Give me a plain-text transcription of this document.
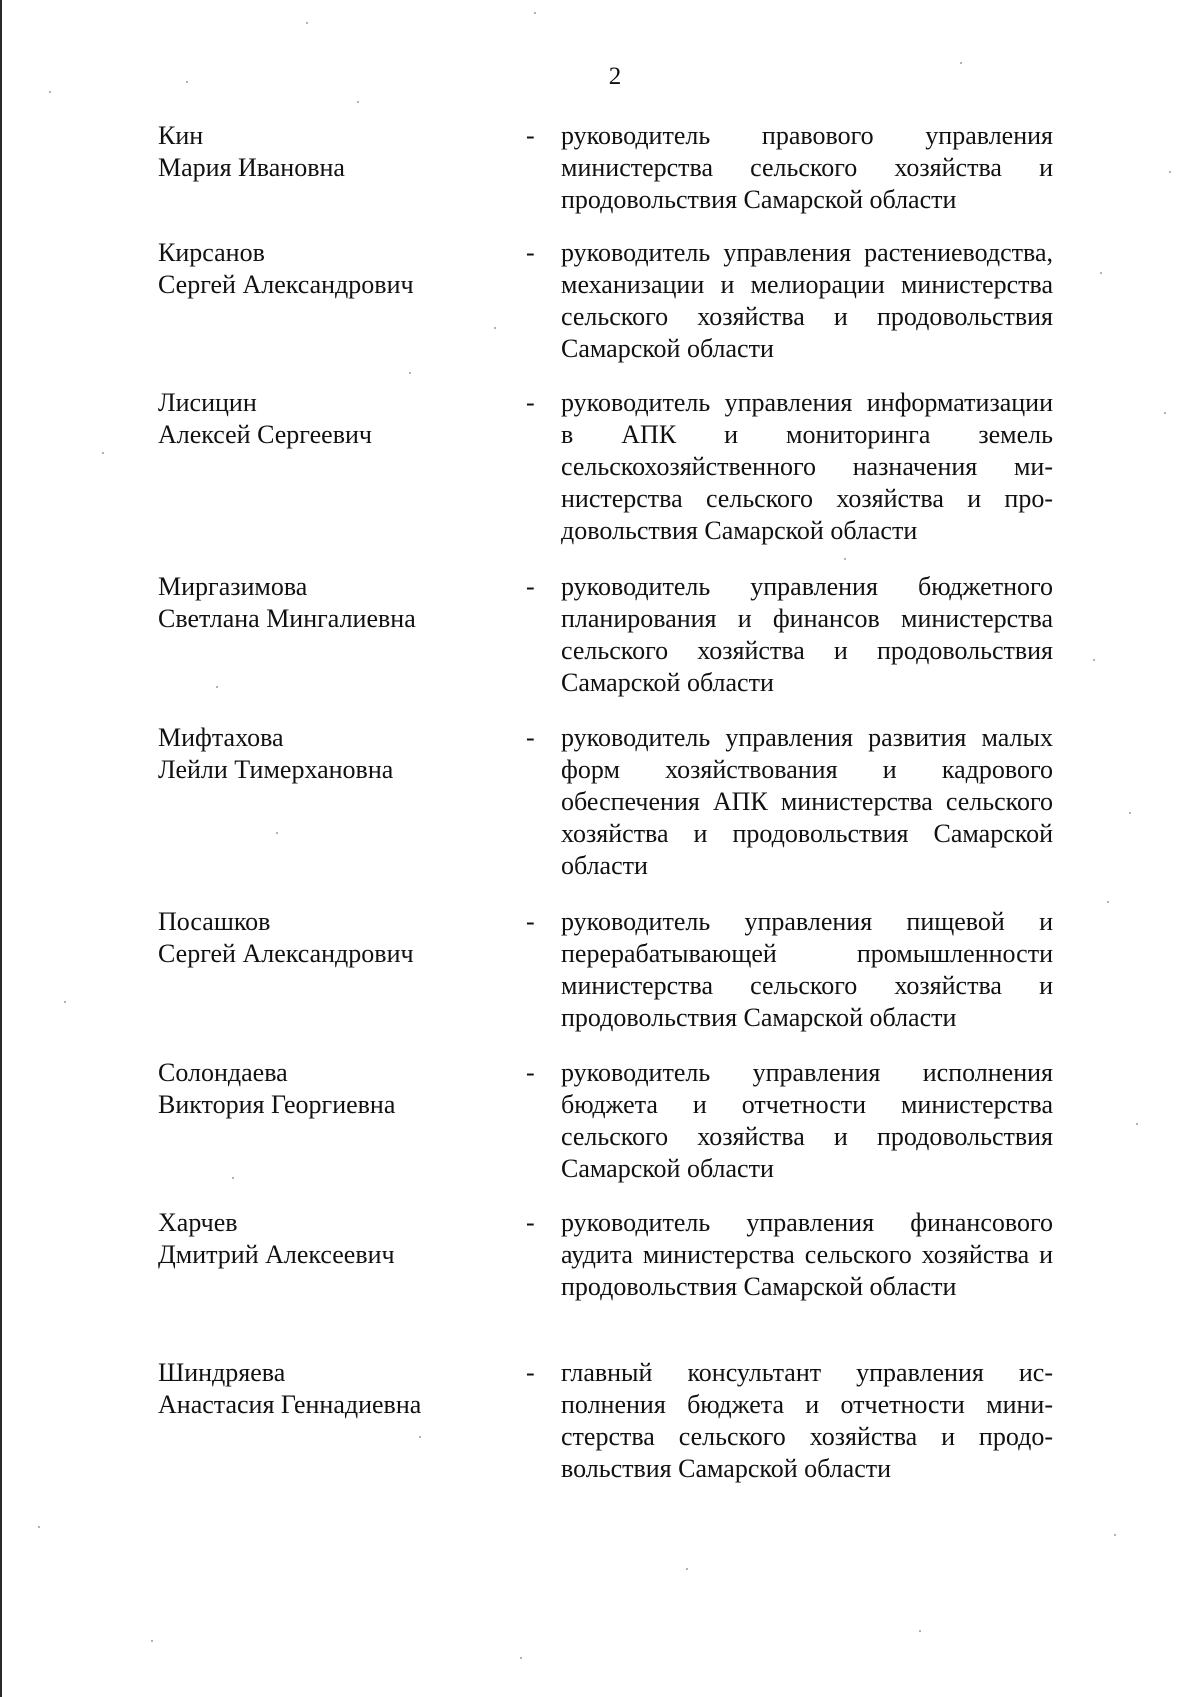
2
Кин
Мария Ивановна
- руководитель правового управления министерства сельского хозяйства и продовольствия Самарской области
Кирсанов
Сергей Александрович
- руководитель управления растениеводства, механизации и мелиорации министерства сельского хозяйства и продовольствия Самарской области
Лисицин
Алексей Сергеевич
- руководитель управления информатизации в АПК и мониторинга земель сельскохозяйственного назначения министерства сельского хозяйства и продовольствия Самарской области
Миргазимова
Светлана Мингалиевна
- руководитель управления бюджетного планирования и финансов министерства сельского хозяйства и продовольствия Самарской области
Мифтахова
Лейли Тимерхановна
- руководитель управления развития малых форм хозяйствования и кадрового обеспечения АПК министерства сельского хозяйства и продовольствия Самарской области
Посашков
Сергей Александрович
- руководитель управления пищевой и перерабатывающей промышленности министерства сельского хозяйства и продовольствия Самарской области
Солондаева
Виктория Георгиевна
- руководитель управления исполнения бюджета и отчетности министерства сельского хозяйства и продовольствия Самарской области
Харчев
Дмитрий Алексеевич
- руководитель управления финансового аудита министерства сельского хозяйства и продовольствия Самарской области
Шиндряева
Анастасия Геннадиевна
- главный консультант управления исполнения бюджета и отчетности министерства сельского хозяйства и продовольствия Самарской области
